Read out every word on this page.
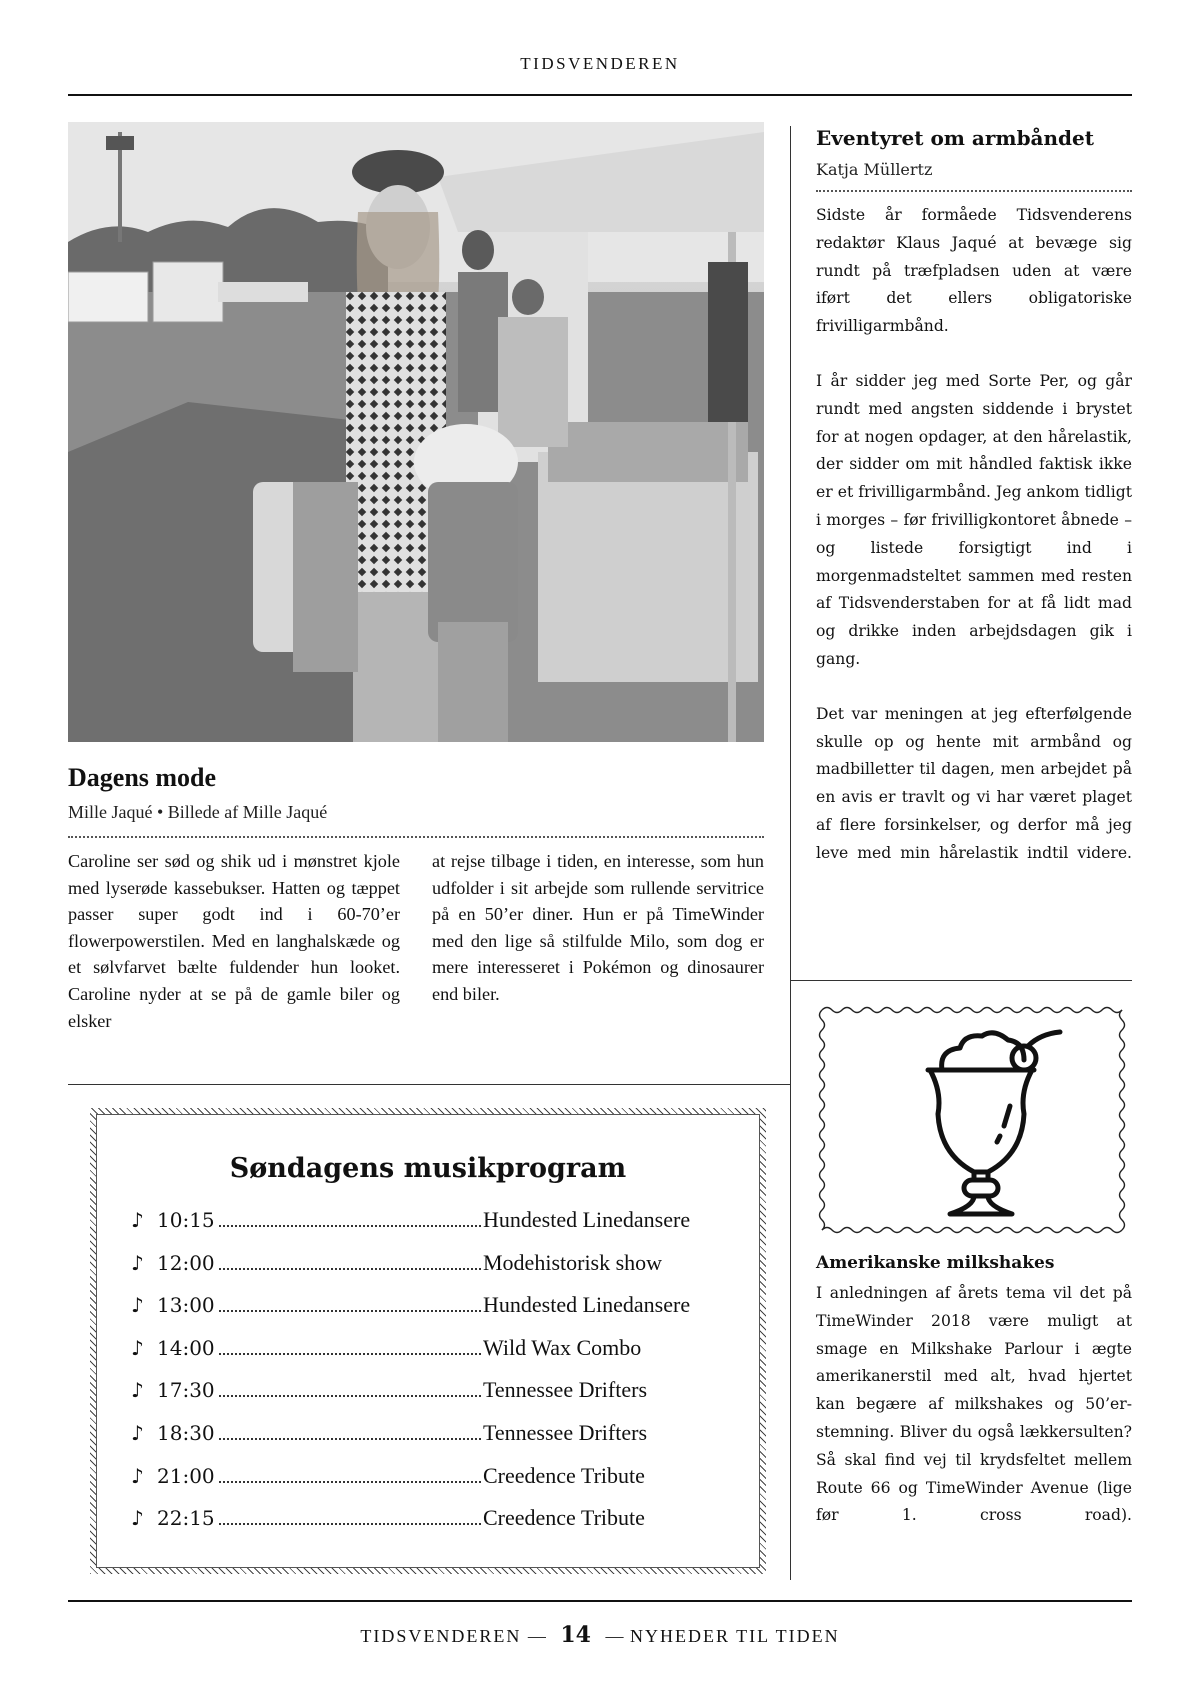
TIDSVENDEREN
Dagens mode
Mille Jaqué • Billede af Mille Jaqué

Caroline ser sød og shik ud i mønstret kjole med lyserøde kassebukser. Hatten og tæppet passer super godt ind i 60-70’er flowerpowerstilen. Med en langhalskæde og et sølvfarvet bælte fuldender hun looket. Caroline nyder at se på de gamle biler og elsker

at rejse tilbage i tiden, en interesse, som hun udfolder i sit arbejde som rullende servitrice på en 50’er diner. Hun er på TimeWinder med den lige så stilfulde Milo, som dog er mere interesseret i Pokémon og dinosaurer end biler.

Eventyret om armbåndet
Katja Müllertz

Sidste år formåede Tidsvenderens redaktør Klaus Jaqué at bevæge sig rundt på træfpladsen uden at være iført det ellers obligatoriske frivilligarmbånd.

I år sidder jeg med Sorte Per, og går rundt med angsten siddende i brystet for at nogen opdager, at den hårelastik, der sidder om mit håndled faktisk ikke er et frivilligarmbånd. Jeg ankom tidligt i morges – før frivilligkontoret åbnede – og listede forsigtigt ind i morgenmadsteltet sammen med resten af Tidsvenderstaben for at få lidt mad og drikke inden arbejdsdagen gik i gang.

Det var meningen at jeg efterfølgende skulle op og hente mit armbånd og madbilletter til dagen, men arbejdet på en avis er travlt og vi har været plaget af flere forsinkelser, og derfor må jeg leve med min hårelastik indtil videre.

Søndagens musikprogram
♪ 10:15	Hundested Linedansere
♪ 12:00	Modehistorisk show
♪ 13:00	Hundested Linedansere
♪ 14:00	Wild Wax Combo
♪ 17:30	Tennessee Drifters
♪ 18:30	Tennessee Drifters
♪ 21:00	Creedence Tribute
♪ 22:15	Creedence Tribute
Amerikanske milkshakes

I anledningen af årets tema vil det på TimeWinder 2018 være muligt at smage en Milkshake Parlour i ægte amerikanerstil med alt, hvad hjertet kan begære af milkshakes og 50’er-stemning. Bliver du også lækkersulten? Så skal find vej til krydsfeltet mellem Route 66 og TimeWinder Avenue (lige før 1. cross road).

TIDSVENDEREN — 14 — NYHEDER TIL TIDEN
